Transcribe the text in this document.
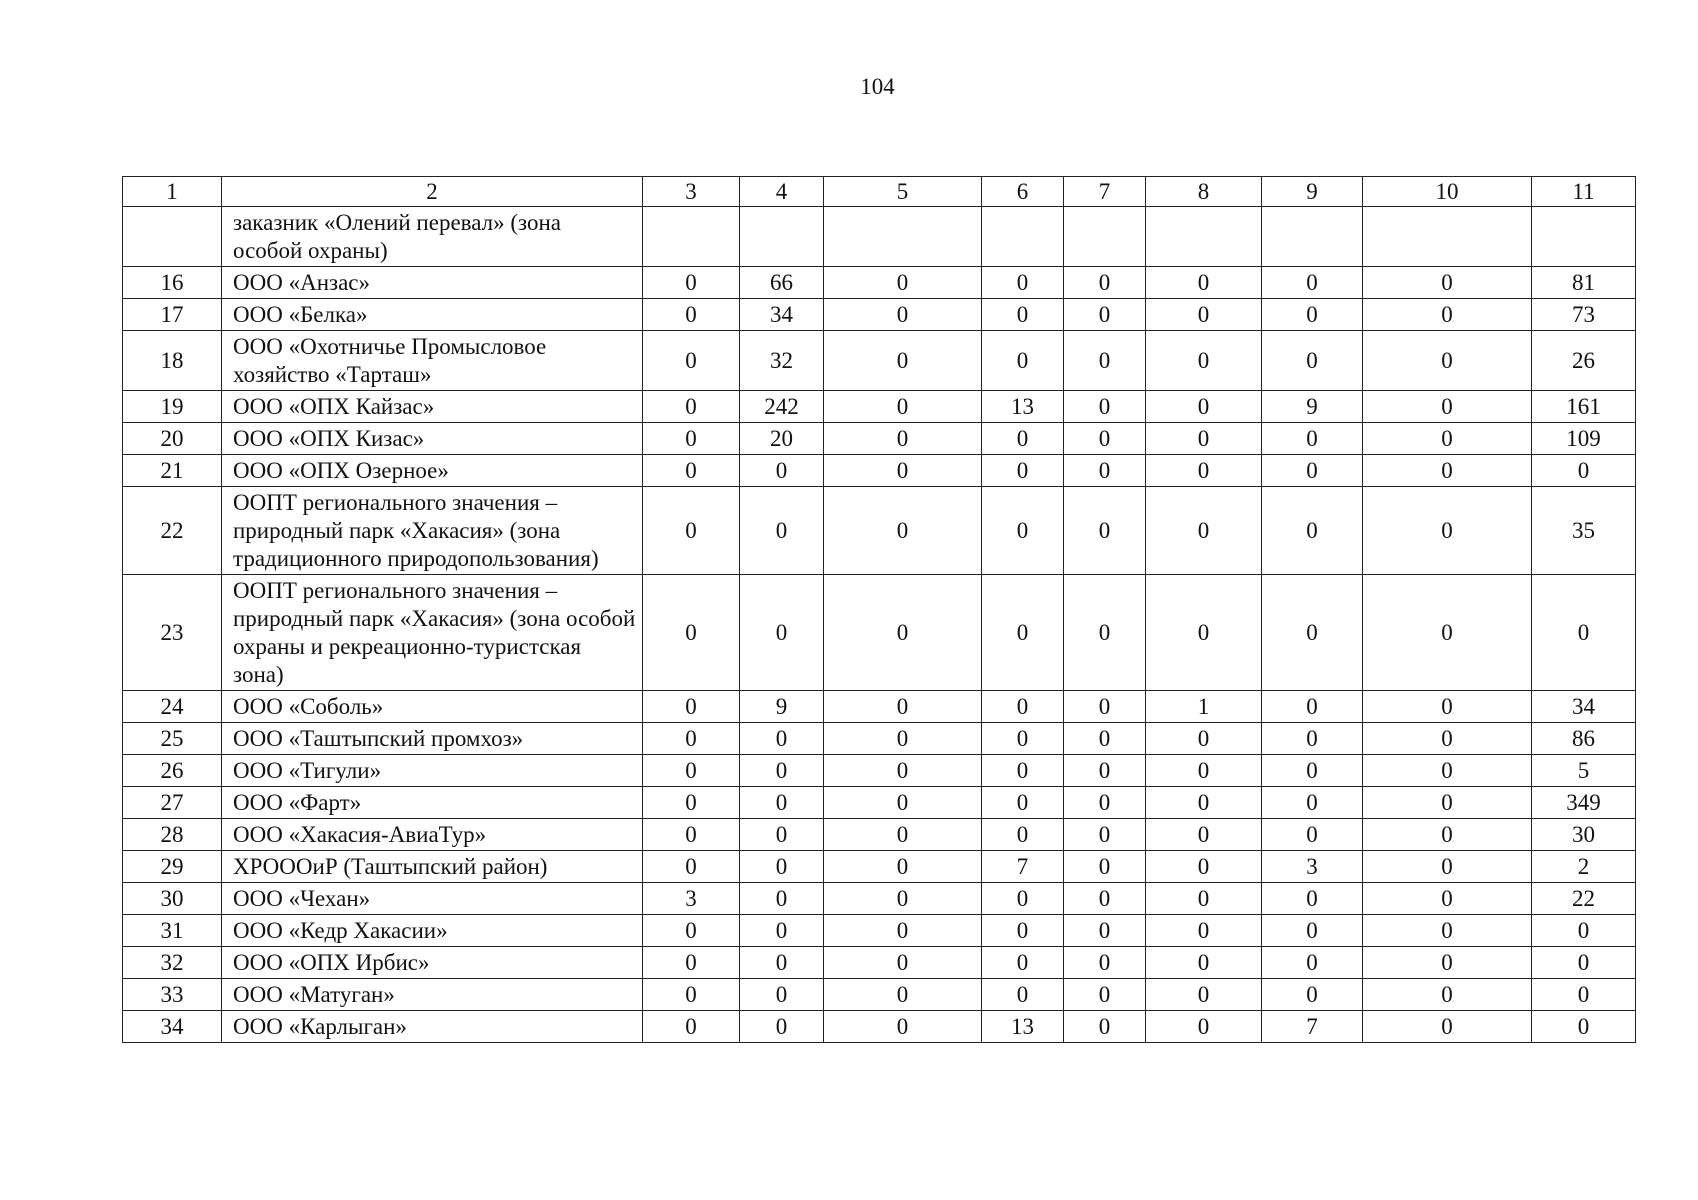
104
1	2	3	4	5	6	7	8	9	10	11
	заказник «Олений перевал» (зона особой охраны)									
16	ООО «Анзас»	0	66	0	0	0	0	0	0	81
17	ООО «Белка»	0	34	0	0	0	0	0	0	73
18	ООО «Охотничье Промысловое хозяйство «Тарташ»	0	32	0	0	0	0	0	0	26
19	ООО «ОПХ Кайзас»	0	242	0	13	0	0	9	0	161
20	ООО «ОПХ Кизас»	0	20	0	0	0	0	0	0	109
21	ООО «ОПХ Озерное»	0	0	0	0	0	0	0	0	0
22	ООПТ регионального значения – природный парк «Хакасия» (зона традиционного природопользования)	0	0	0	0	0	0	0	0	35
23	ООПТ регионального значения – природный парк «Хакасия» (зона особой охраны и рекреационно-туристская зона)	0	0	0	0	0	0	0	0	0
24	ООО «Соболь»	0	9	0	0	0	1	0	0	34
25	ООО «Таштыпский промхоз»	0	0	0	0	0	0	0	0	86
26	ООО «Тигули»	0	0	0	0	0	0	0	0	5
27	ООО «Фарт»	0	0	0	0	0	0	0	0	349
28	ООО «Хакасия-АвиаТур»	0	0	0	0	0	0	0	0	30
29	ХРОООиР (Таштыпский район)	0	0	0	7	0	0	3	0	2
30	ООО «Чехан»	3	0	0	0	0	0	0	0	22
31	ООО «Кедр Хакасии»	0	0	0	0	0	0	0	0	0
32	ООО «ОПХ Ирбис»	0	0	0	0	0	0	0	0	0
33	ООО «Матуган»	0	0	0	0	0	0	0	0	0
34	ООО «Карлыган»	0	0	0	13	0	0	7	0	0
